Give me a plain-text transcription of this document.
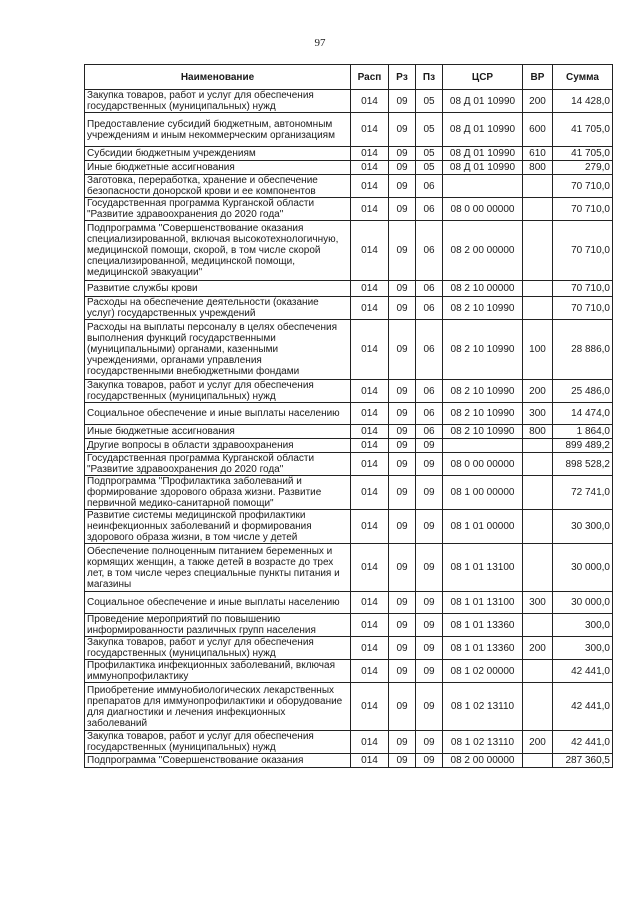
97
Наименование	Расп	Рз	Пз	ЦСР	ВР	Сумма
Закупка товаров, работ и услуг для обеспечения государственных (муниципальных) нужд	014	09	05	08 Д 01 10990	200	14 428,0
Предоставление субсидий бюджетным, автономным учреждениям и иным некоммерческим организациям	014	09	05	08 Д 01 10990	600	41 705,0
Субсидии бюджетным учреждениям	014	09	05	08 Д 01 10990	610	41 705,0
Иные бюджетные ассигнования	014	09	05	08 Д 01 10990	800	279,0
Заготовка, переработка, хранение и обеспечение безопасности донорской крови и ее компонентов	014	09	06			70 710,0
Государственная программа Курганской области "Развитие здравоохранения до 2020 года"	014	09	06	08 0 00 00000		70 710,0
Подпрограмма "Совершенствование оказания специализированной, включая высокотехнологичную, медицинской помощи, скорой, в том числе скорой специализированной, медицинской помощи, медицинской эвакуации"	014	09	06	08 2 00 00000		70 710,0
Развитие службы крови	014	09	06	08 2 10 00000		70 710,0
Расходы на обеспечение деятельности (оказание услуг) государственных учреждений	014	09	06	08 2 10 10990		70 710,0
Расходы на выплаты персоналу в целях обеспечения выполнения функций государственными (муниципальными) органами, казенными учреждениями, органами управления государственными внебюджетными фондами	014	09	06	08 2 10 10990	100	28 886,0
Закупка товаров, работ и услуг для обеспечения государственных (муниципальных) нужд	014	09	06	08 2 10 10990	200	25 486,0
Социальное обеспечение и иные выплаты населению	014	09	06	08 2 10 10990	300	14 474,0
Иные бюджетные ассигнования	014	09	06	08 2 10 10990	800	1 864,0
Другие вопросы в области здравоохранения	014	09	09			899 489,2
Государственная программа Курганской области "Развитие здравоохранения до 2020 года"	014	09	09	08 0 00 00000		898 528,2
Подпрограмма "Профилактика заболеваний и формирование здорового образа жизни. Развитие первичной медико-санитарной помощи"	014	09	09	08 1 00 00000		72 741,0
Развитие системы медицинской профилактики неинфекционных заболеваний и формирования здорового образа жизни, в том числе у детей	014	09	09	08 1 01 00000		30 300,0
Обеспечение полноценным питанием беременных и кормящих женщин, а также детей в возрасте до трех лет, в том числе через специальные пункты питания и магазины	014	09	09	08 1 01 13100		30 000,0
Социальное обеспечение и иные выплаты населению	014	09	09	08 1 01 13100	300	30 000,0
Проведение мероприятий по повышению информированности различных групп населения	014	09	09	08 1 01 13360		300,0
Закупка товаров, работ и услуг для обеспечения государственных (муниципальных) нужд	014	09	09	08 1 01 13360	200	300,0
Профилактика инфекционных заболеваний, включая иммунопрофилактику	014	09	09	08 1 02 00000		42 441,0
Приобретение иммунобиологических лекарственных препаратов для иммунопрофилактики и оборудование для диагностики и лечения инфекционных заболеваний	014	09	09	08 1 02 13110		42 441,0
Закупка товаров, работ и услуг для обеспечения государственных (муниципальных) нужд	014	09	09	08 1 02 13110	200	42 441,0
Подпрограмма "Совершенствование оказания	014	09	09	08 2 00 00000		287 360,5
